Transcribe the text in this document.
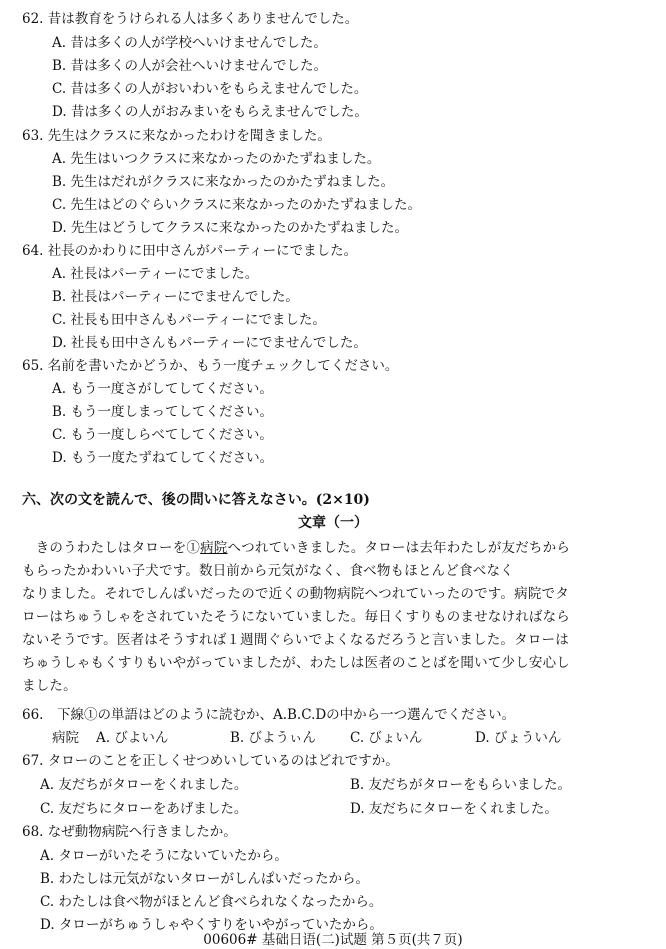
62. 昔は教育をうけられる人は多くありませんでした。
A. 昔は多くの人が学校へいけませんでした。
B. 昔は多くの人が会社へいけませんでした。
C. 昔は多くの人がおいわいをもらえませんでした。
D. 昔は多くの人がおみまいをもらえませんでした。
63. 先生はクラスに来なかったわけを聞きました。
A. 先生はいつクラスに来なかったのかたずねました。
B. 先生はだれがクラスに来なかったのかたずねました。
C. 先生はどのぐらいクラスに来なかったのかたずねました。
D. 先生はどうしてクラスに来なかったのかたずねました。
64. 社長のかわりに田中さんがパーティーにでました。
A. 社長はパーティーにでました。
B. 社長はパーティーにでませんでした。
C. 社長も田中さんもパーティーにでました。
D. 社長も田中さんもパーティーにでませんでした。
65. 名前を書いたかどうか、もう一度チェックしてください。
A. もう一度さがしてしてください。
B. もう一度しまってしてください。
C. もう一度しらべてしてください。
D. もう一度たずねてしてください。
六、次の文を読んで、後の問いに答えなさい。(2×10)
文章（一）
　きのうわたしはタローを①病院へつれていきました。タローは去年わたしが友だちから
もらったかわいい子犬です。数日前から元気がなく、食べ物もほとんど食べなく
なりました。それでしんぱいだったので近くの動物病院へつれていったのです。病院でタ
ローはちゅうしゃをされていたそうにないていました。毎日くすりものませなければなら
ないそうです。医者はそうすれば１週間ぐらいでよくなるだろうと言いました。タローは
ちゅうしゃもくすりもいやがっていましたが、わたしは医者のことばを聞いて少し安心し
ました。
66.　下線①の単語はどのように読むか、A.B.C.Dの中から一つ選んでください。
病院 A. びよいん	B. びようぃん	C. びょいん	D. びょういん
67. タローのことを正しくせつめいしているのはどれですか。
A. 友だちがタローをくれました。	B. 友だちがタローをもらいました。
C. 友だちにタローをあげました。	D. 友だちにタローをくれました。
68. なぜ動物病院へ行きましたか。
A. タローがいたそうにないていたから。
B. わたしは元気がないタローがしんぱいだったから。
C. わたしは食べ物がほとんど食べられなくなったから。
D. タローがちゅうしゃやくすりをいやがっていたから。
00606# 基础日语(二)试题 第５页(共７页)
